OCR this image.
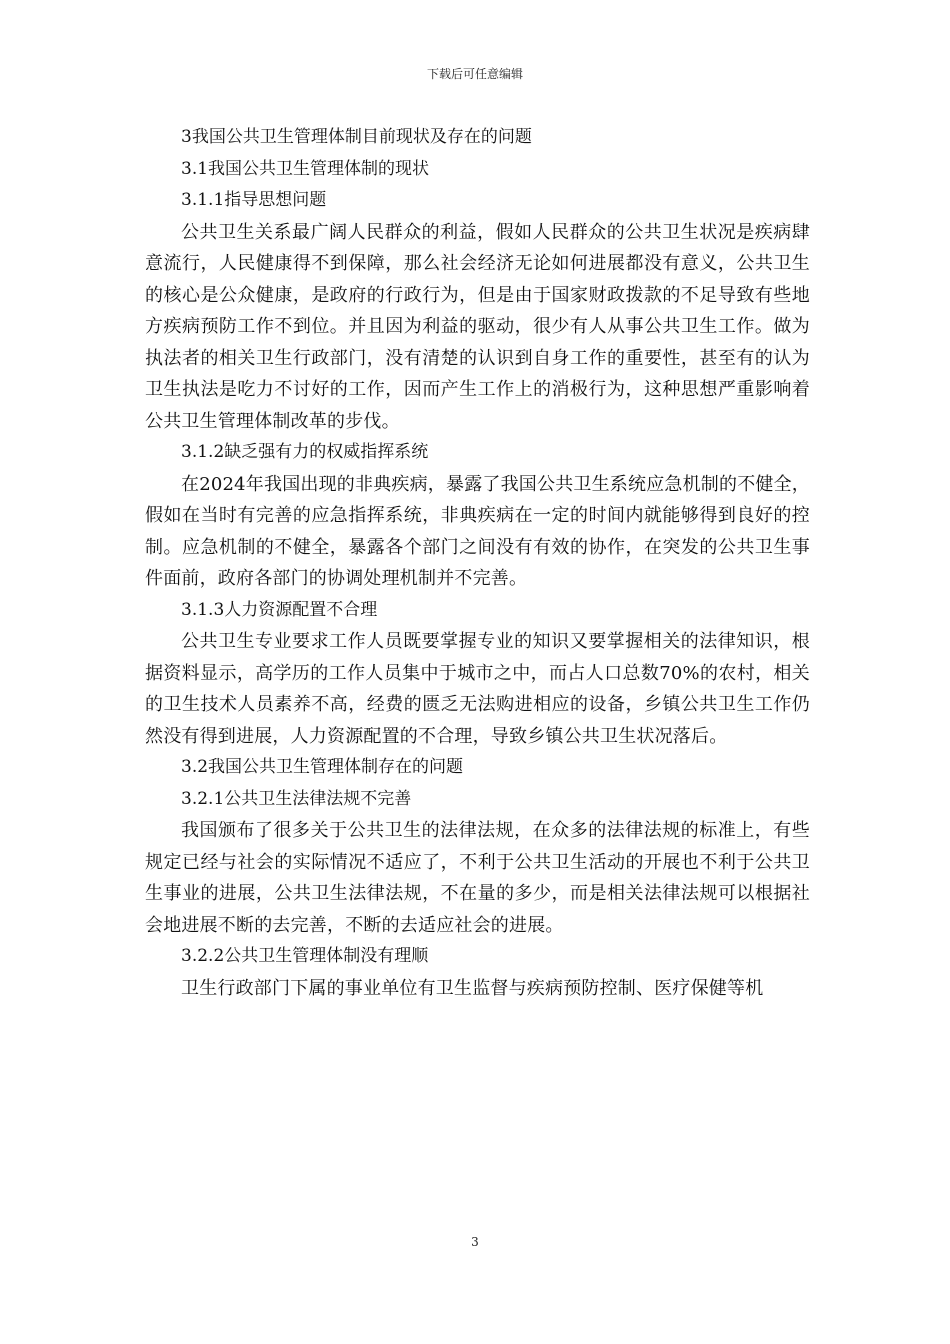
下载后可任意编辑

3我国公共卫生管理体制目前现状及存在的问题

3.1我国公共卫生管理体制的现状

3.1.1指导思想问题

公共卫生关系最广阔人民群众的利益，假如人民群众的公共卫生状况是疾病肆意流行，人民健康得不到保障，那么社会经济无论如何进展都没有意义，公共卫生的核心是公众健康，是政府的行政行为，但是由于国家财政拨款的不足导致有些地方疾病预防工作不到位。并且因为利益的驱动，很少有人从事公共卫生工作。做为执法者的相关卫生行政部门，没有清楚的认识到自身工作的重要性，甚至有的认为卫生执法是吃力不讨好的工作，因而产生工作上的消极行为，这种思想严重影响着公共卫生管理体制改革的步伐。

3.1.2缺乏强有力的权威指挥系统

在2024年我国出现的非典疾病，暴露了我国公共卫生系统应急机制的不健全，假如在当时有完善的应急指挥系统，非典疾病在一定的时间内就能够得到良好的控制。应急机制的不健全，暴露各个部门之间没有有效的协作，在突发的公共卫生事件面前，政府各部门的协调处理机制并不完善。

3.1.3人力资源配置不合理

公共卫生专业要求工作人员既要掌握专业的知识又要掌握相关的法律知识，根据资料显示，高学历的工作人员集中于城市之中，而占人口总数70%的农村，相关的卫生技术人员素养不高，经费的匮乏无法购进相应的设备，乡镇公共卫生工作仍然没有得到进展，人力资源配置的不合理，导致乡镇公共卫生状况落后。

3.2我国公共卫生管理体制存在的问题

3.2.1公共卫生法律法规不完善

我国颁布了很多关于公共卫生的法律法规，在众多的法律法规的标准上，有些规定已经与社会的实际情况不适应了，不利于公共卫生活动的开展也不利于公共卫生事业的进展，公共卫生法律法规，不在量的多少，而是相关法律法规可以根据社会地进展不断的去完善，不断的去适应社会的进展。

3.2.2公共卫生管理体制没有理顺

卫生行政部门下属的事业单位有卫生监督与疾病预防控制、医疗保健等机

3
